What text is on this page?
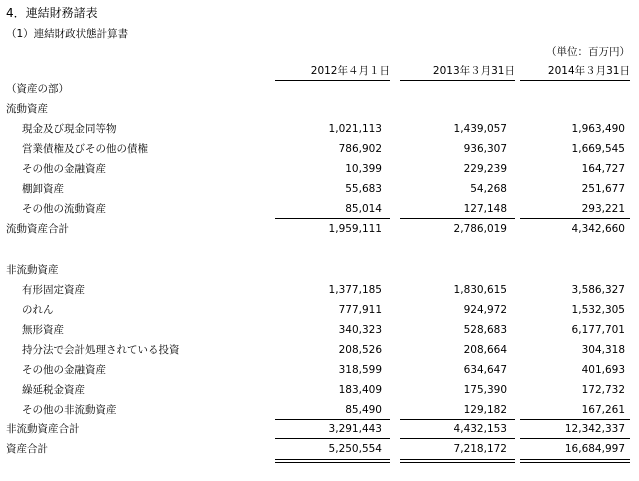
4．連結財務諸表
（1）連結財政状態計算書
（単位：百万円）
2012年４月１日	2013年３月31日	2014年３月31日
（資産の部）
流動資産
現金及び現金同等物	1,021,113	1,439,057	1,963,490
営業債権及びその他の債権	786,902	936,307	1,669,545
その他の金融資産	10,399	229,239	164,727
棚卸資産	55,683	54,268	251,677
その他の流動資産	85,014	127,148	293,221
流動資産合計	1,959,111	2,786,019	4,342,660
非流動資産
有形固定資産	1,377,185	1,830,615	3,586,327
のれん	777,911	924,972	1,532,305
無形資産	340,323	528,683	6,177,701
持分法で会計処理されている投資	208,526	208,664	304,318
その他の金融資産	318,599	634,647	401,693
繰延税金資産	183,409	175,390	172,732
その他の非流動資産	85,490	129,182	167,261
非流動資産合計	3,291,443	4,432,153	12,342,337
資産合計	5,250,554	7,218,172	16,684,997
